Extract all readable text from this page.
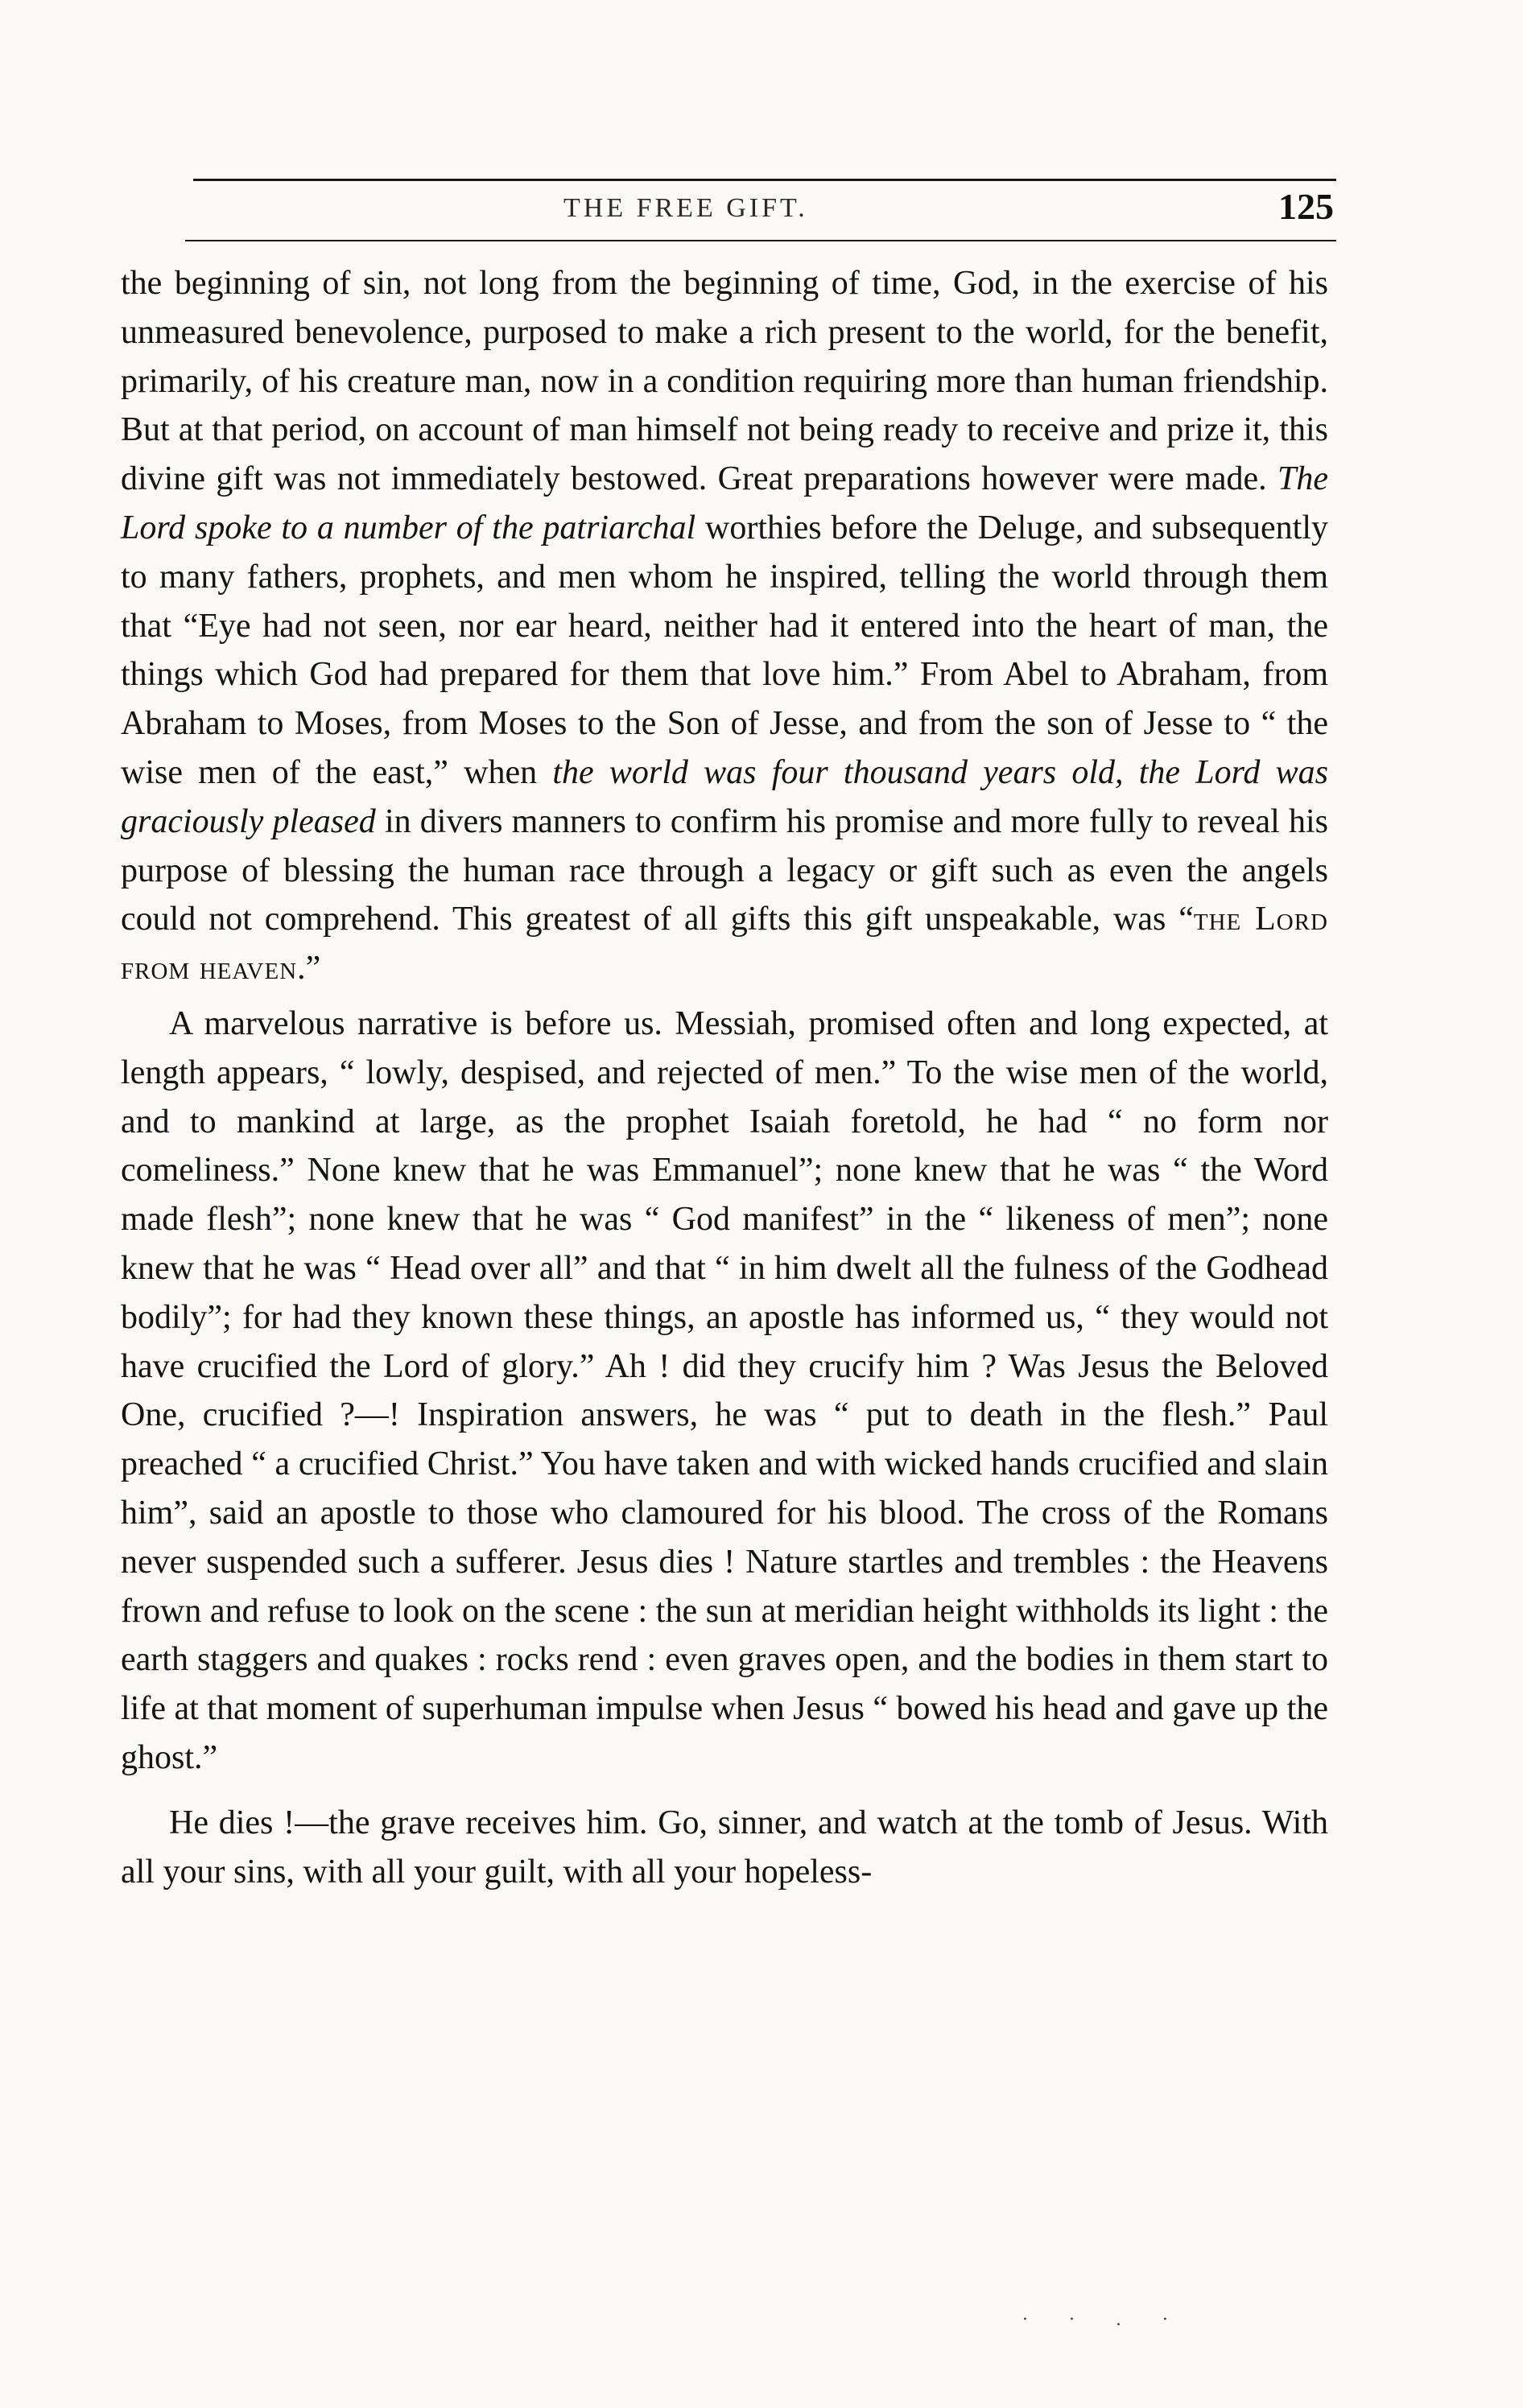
THE FREE GIFT.	125

the beginning of sin, not long from the beginning of time, God, in the exercise of his unmeasured benevolence, purposed to make a rich present to the world, for the benefit, primarily, of his creature man, now in a condition requiring more than human friendship. But at that period, on account of man himself not being ready to receive and prize it, this divine gift was not immediately bestowed. Great preparations however were made. The Lord spoke to a number of the patriarchal worthies before the Deluge, and subsequently to many fathers, prophets, and men whom he inspired, telling the world through them that “Eye had not seen, nor ear heard, neither had it entered into the heart of man, the things which God had prepared for them that love him.” From Abel to Abraham, from Abraham to Moses, from Moses to the Son of Jesse, and from the son of Jesse to “ the wise men of the east,” when the world was four thousand years old, the Lord was graciously pleased in divers manners to confirm his promise and more fully to reveal his purpose of blessing the human race through a legacy or gift such as even the angels could not comprehend. This greatest of all gifts this gift unspeakable, was “the Lord from heaven.”

A marvelous narrative is before us. Messiah, promised often and long expected, at length appears, “ lowly, despised, and rejected of men.” To the wise men of the world, and to mankind at large, as the prophet Isaiah foretold, he had “ no form nor comeliness.” None knew that he was Emmanuel”; none knew that he was “ the Word made flesh”; none knew that he was “ God manifest” in the “ likeness of men”; none knew that he was “ Head over all” and that “ in him dwelt all the fulness of the Godhead bodily”; for had they known these things, an apostle has informed us, “ they would not have crucified the Lord of glory.” Ah ! did they crucify him ? Was Jesus the Beloved One, crucified ?—! Inspiration answers, he was “ put to death in the flesh.” Paul preached “ a crucified Christ.” You have taken and with wicked hands crucified and slain him”, said an apostle to those who clamoured for his blood. The cross of the Romans never suspended such a sufferer. Jesus dies ! Nature startles and trembles : the Heavens frown and refuse to look on the scene : the sun at meridian height withholds its light : the earth staggers and quakes : rocks rend : even graves open, and the bodies in them start to life at that moment of superhuman impulse when Jesus “ bowed his head and gave up the ghost.”

He dies !—the grave receives him. Go, sinner, and watch at the tomb of Jesus. With all your sins, with all your guilt, with all your hopeless-

· · . ·
